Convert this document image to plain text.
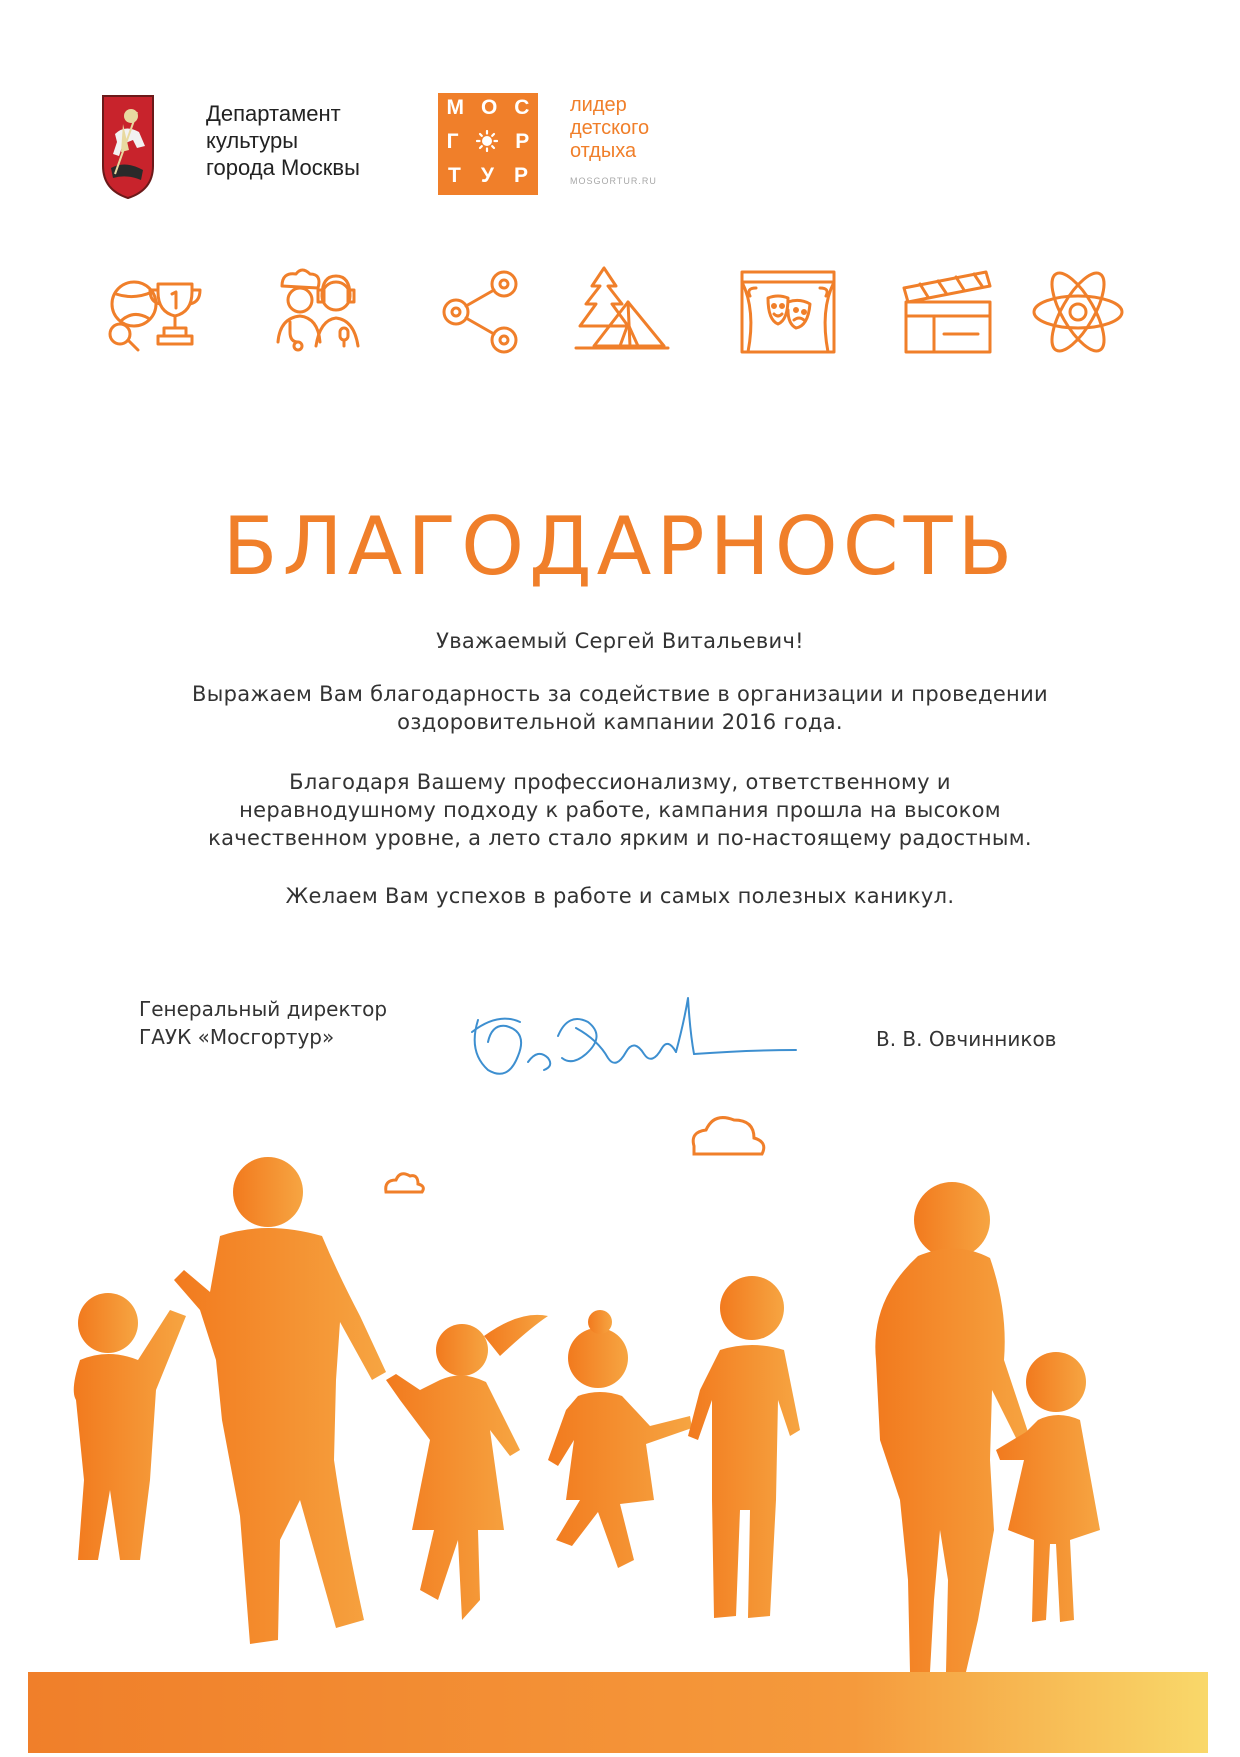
Департамент
культуры
города Москвы
М О С
Г	Р
Т У Р
лидер
детского
отдыха
MOSGORTUR.RU
БЛАГОДАРНОСТЬ
Уважаемый Сергей Витальевич!
Выражаем Вам благодарность за содействие в организации и проведении
оздоровительной кампании 2016 года.
Благодаря Вашему профессионализму, ответственному и
неравнодушному подходу к работе, кампания прошла на высоком
качественном уровне, а лето стало ярким и по-настоящему радостным.
Желаем Вам успехов в работе и самых полезных каникул.
Генеральный директор
ГАУК «Мосгортур»	В. В. Овчинников
